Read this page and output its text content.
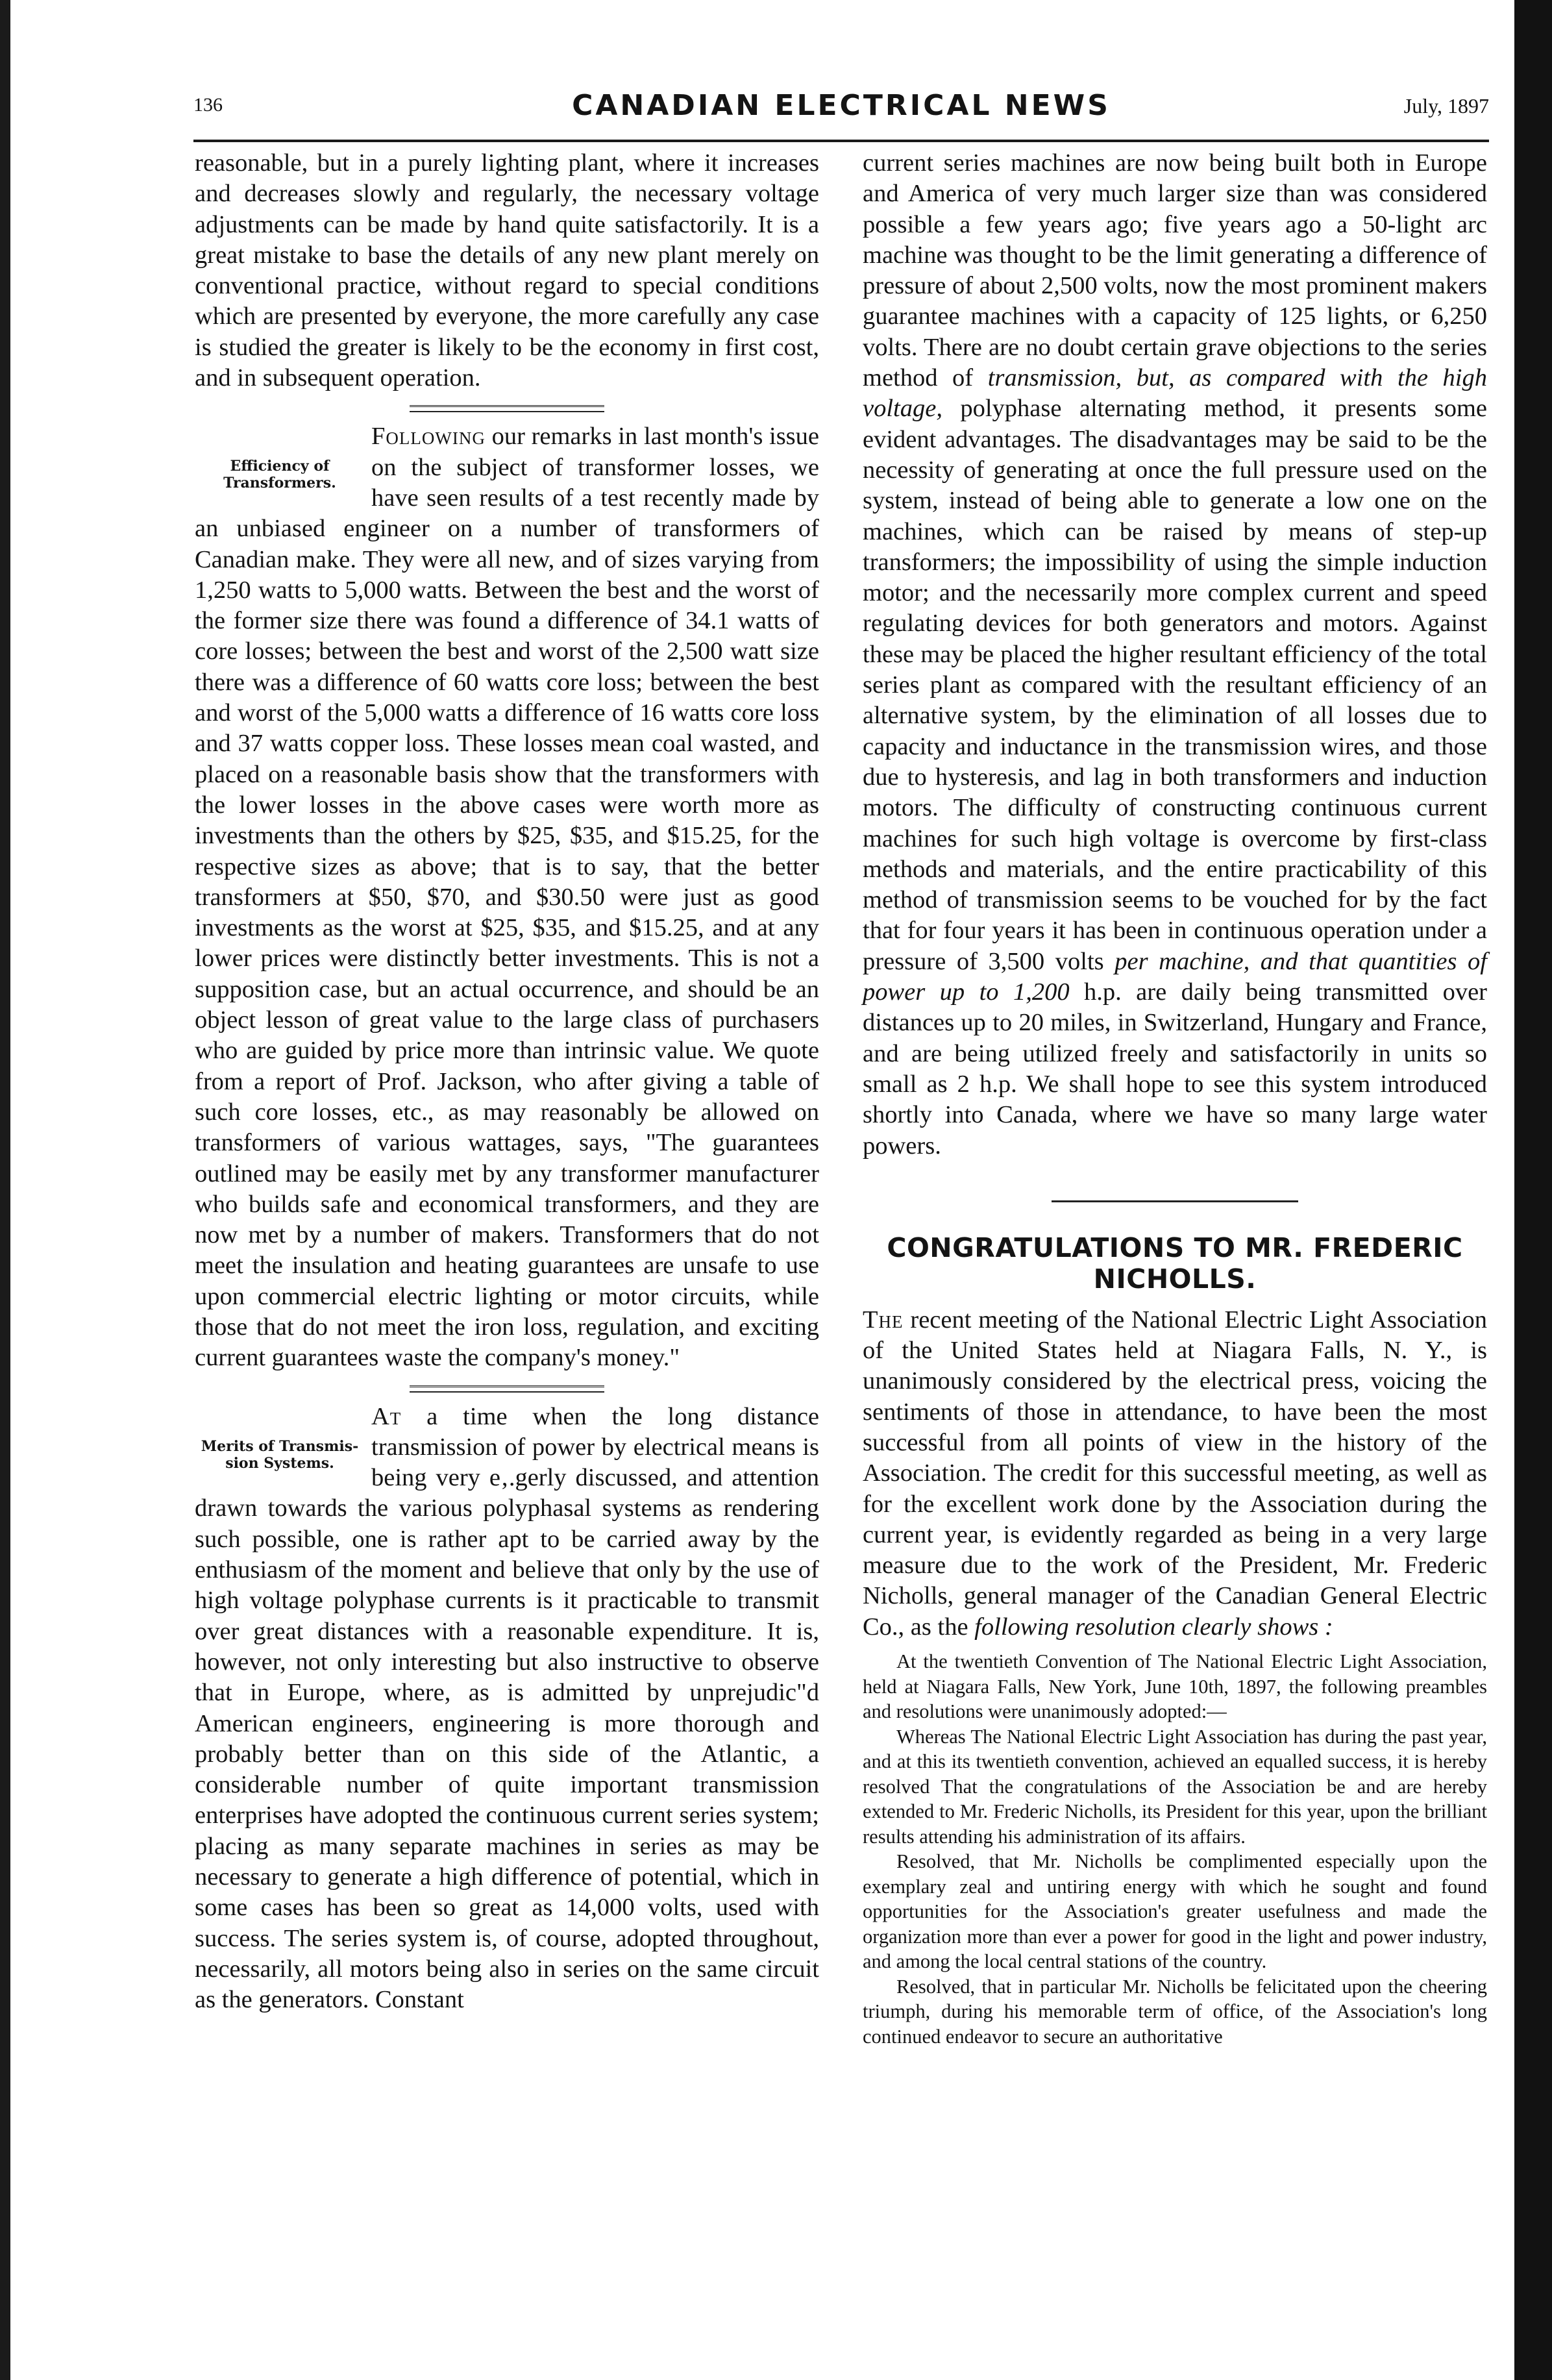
136	CANADIAN ELECTRICAL NEWS	July, 1897

reasonable, but in a purely lighting plant, where it increases and decreases slowly and regularly, the necessary voltage adjustments can be made by hand quite satisfactorily. It is a great mistake to base the details of any new plant merely on conventional practice, without regard to special conditions which are presented by everyone, the more carefully any case is studied the greater is likely to be the economy in first cost, and in subsequent operation.

Efficiency of
Transformers.

Following our remarks in last month's issue on the subject of transformer losses, we have seen results of a test recently made by an unbiased engineer on a number of transformers of Canadian make. They were all new, and of sizes varying from 1,250 watts to 5,000 watts. Between the best and the worst of the former size there was found a difference of 34.1 watts of core losses; between the best and worst of the 2,500 watt size there was a difference of 60 watts core loss; between the best and worst of the 5,000 watts a difference of 16 watts core loss and 37 watts copper loss. These losses mean coal wasted, and placed on a reasonable basis show that the transformers with the lower losses in the above cases were worth more as investments than the others by $25, $35, and $15.25, for the respective sizes as above; that is to say, that the better transformers at $50, $70, and $30.50 were just as good investments as the worst at $25, $35, and $15.25, and at any lower prices were distinctly better investments. This is not a supposition case, but an actual occurrence, and should be an object lesson of great value to the large class of purchasers who are guided by price more than intrinsic value. We quote from a report of Prof. Jackson, who after giving a table of such core losses, etc., as may reasonably be allowed on transformers of various wattages, says, "The guarantees outlined may be easily met by any transformer manufacturer who builds safe and economical transformers, and they are now met by a number of makers. Transformers that do not meet the insulation and heating guarantees are unsafe to use upon commercial electric lighting or motor circuits, while those that do not meet the iron loss, regulation, and exciting current guarantees waste the company's money."

Merits of Transmis-
sion Systems.

At a time when the long distance transmission of power by electrical means is being very e‚.gerly discussed, and attention drawn towards the various polyphasal systems as rendering such possible, one is rather apt to be carried away by the enthusiasm of the moment and believe that only by the use of high voltage polyphase currents is it practicable to transmit over great distances with a reasonable expenditure. It is, however, not only interesting but also instructive to observe that in Europe, where, as is admitted by unprejudic"d American engineers, engineering is more thorough and probably better than on this side of the Atlantic, a considerable number of quite important transmission enterprises have adopted the continuous current series system; placing as many separate machines in series as may be necessary to generate a high difference of potential, which in some cases has been so great as 14,000 volts, used with success. The series system is, of course, adopted throughout, necessarily, all motors being also in series on the same circuit as the generators. Constant

current series machines are now being built both in Europe and America of very much larger size than was considered possible a few years ago; five years ago a 50-light arc machine was thought to be the limit generating a difference of pressure of about 2,500 volts, now the most prominent makers guarantee machines with a capacity of 125 lights, or 6,250 volts. There are no doubt certain grave objections to the series method of transmission, but, as compared with the high voltage, polyphase alternating method, it presents some evident advantages. The disadvantages may be said to be the necessity of generating at once the full pressure used on the system, instead of being able to generate a low one on the machines, which can be raised by means of step-up transformers; the impossibility of using the simple induction motor; and the necessarily more complex current and speed regulating devices for both generators and motors. Against these may be placed the higher resultant efficiency of the total series plant as compared with the resultant efficiency of an alternative system, by the elimination of all losses due to capacity and inductance in the transmission wires, and those due to hysteresis, and lag in both transformers and induction motors. The difficulty of constructing continuous current machines for such high voltage is overcome by first-class methods and materials, and the entire practicability of this method of transmission seems to be vouched for by the fact that for four years it has been in continuous operation under a pressure of 3,500 volts per machine, and that quantities of power up to 1,200 h.p. are daily being transmitted over distances up to 20 miles, in Switzerland, Hungary and France, and are being utilized freely and satisfactorily in units so small as 2 h.p. We shall hope to see this system introduced shortly into Canada, where we have so many large water powers.

CONGRATULATIONS TO MR. FREDERIC
NICHOLLS.

The recent meeting of the National Electric Light Association of the United States held at Niagara Falls, N. Y., is unanimously considered by the electrical press, voicing the sentiments of those in attendance, to have been the most successful from all points of view in the history of the Association. The credit for this successful meeting, as well as for the excellent work done by the Association during the current year, is evidently regarded as being in a very large measure due to the work of the President, Mr. Frederic Nicholls, general manager of the Canadian General Electric Co., as the following resolution clearly shows :

At the twentieth Convention of The National Electric Light Association, held at Niagara Falls, New York, June 10th, 1897, the following preambles and resolutions were unanimously adopted:—

Whereas The National Electric Light Association has during the past year, and at this its twentieth convention, achieved an equalled success, it is hereby resolved That the congratulations of the Association be and are hereby extended to Mr. Frederic Nicholls, its President for this year, upon the brilliant results attending his administration of its affairs.

Resolved, that Mr. Nicholls be complimented especially upon the exemplary zeal and untiring energy with which he sought and found opportunities for the Association's greater usefulness and made the organization more than ever a power for good in the light and power industry, and among the local central stations of the country.

Resolved, that in particular Mr. Nicholls be felicitated upon the cheering triumph, during his memorable term of office, of the Association's long continued endeavor to secure an authoritative
